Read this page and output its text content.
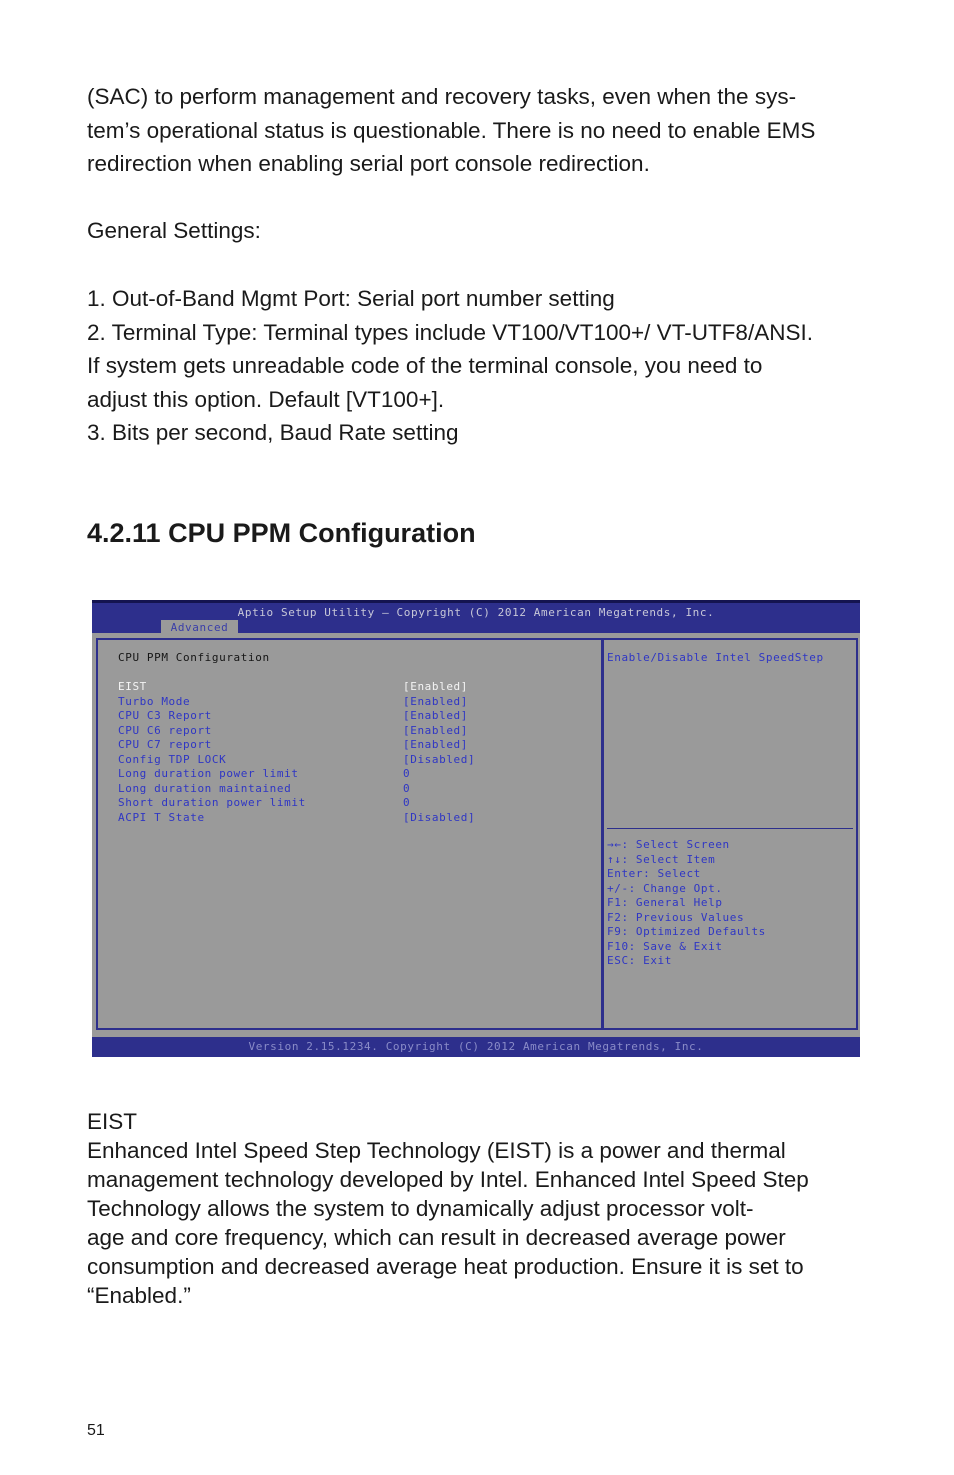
(SAC) to perform management and recovery tasks, even when the sys-
tem’s operational status is questionable. There is no need to enable EMS
redirection when enabling serial port console redirection.
General Settings:
1. Out-of-Band Mgmt Port: Serial port number setting
2. Terminal Type: Terminal types include VT100/VT100+/ VT-UTF8/ANSI.
If system gets unreadable code of the terminal console, you need to
adjust this option. Default [VT100+].
3. Bits per second, Baud Rate setting
4.2.11 CPU PPM Configuration
Aptio Setup Utility – Copyright (C) 2012 American Megatrends, Inc.
Advanced
CPU PPM Configuration
EIST	[Enabled]
Turbo Mode	[Enabled]
CPU C3 Report	[Enabled]
CPU C6 report	[Enabled]
CPU C7 report	[Enabled]
Config TDP LOCK	[Disabled]
Long duration power limit	0
Long duration maintained	0
Short duration power limit	0
ACPI T State	[Disabled]
Enable/Disable Intel SpeedStep
→←: Select Screen
↑↓: Select Item
Enter: Select
+/-: Change Opt.
F1: General Help
F2: Previous Values
F9: Optimized Defaults
F10: Save & Exit
ESC: Exit
Version 2.15.1234. Copyright (C) 2012 American Megatrends, Inc.
EIST
Enhanced Intel Speed Step Technology (EIST) is a power and thermal
management technology developed by Intel. Enhanced Intel Speed Step
Technology allows the system to dynamically adjust processor volt-
age and core frequency, which can result in decreased average power
consumption and decreased average heat production. Ensure it is set to
“Enabled.”
51
